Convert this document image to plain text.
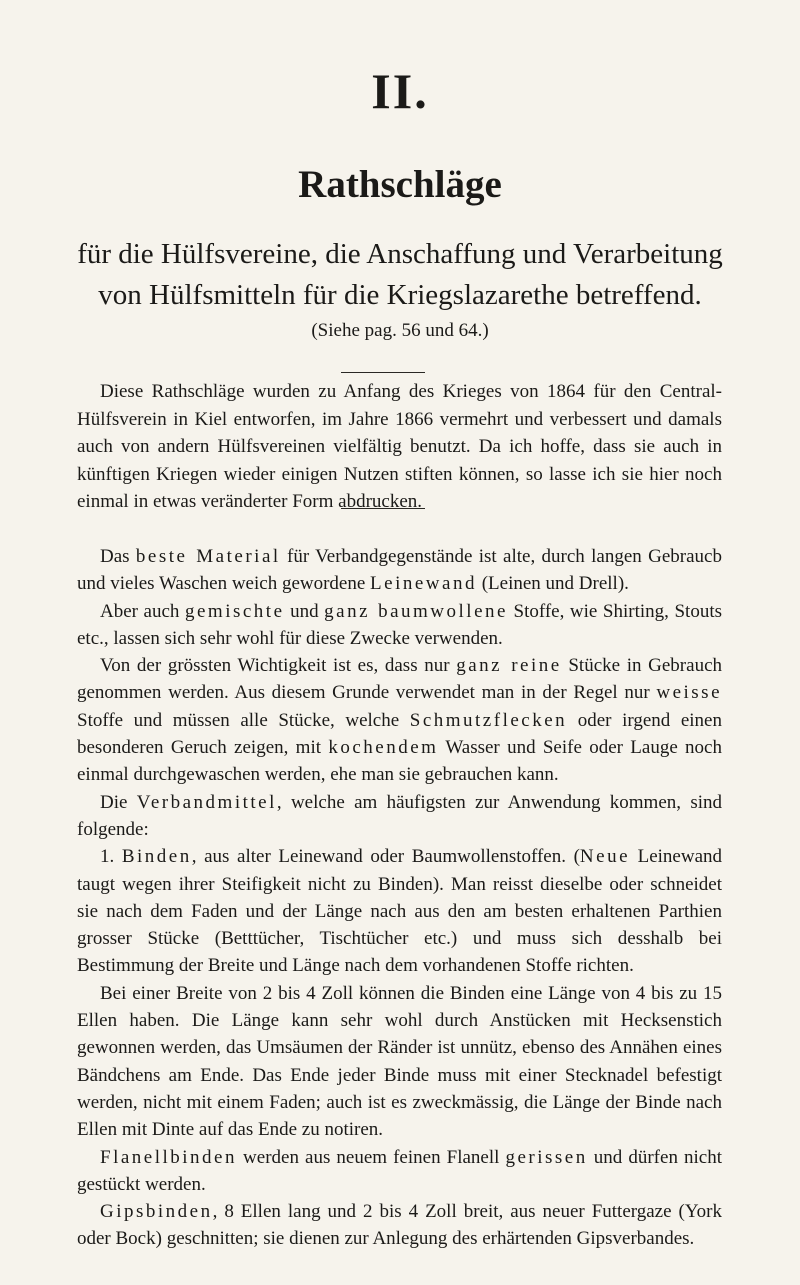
II.
Rathschläge
für die Hülfsvereine, die Anschaffung und Verarbeitung
von Hülfsmitteln für die Kriegslazarethe betreffend.
(Siehe pag. 56 und 64.)

Diese Rathschläge wurden zu Anfang des Krieges von 1864 für den Central-Hülfsverein in Kiel entworfen, im Jahre 1866 vermehrt und verbessert und damals auch von andern Hülfsvereinen vielfältig benutzt. Da ich hoffe, dass sie auch in künftigen Kriegen wieder einigen Nutzen stiften können, so lasse ich sie hier noch einmal in etwas veränderter Form abdrucken.

Das beste Material für Verbandgegenstände ist alte, durch langen Gebraucb und vieles Waschen weich gewordene Leinewand (Leinen und Drell).

Aber auch gemischte und ganz baumwollene Stoffe, wie Shirting, Stouts etc., lassen sich sehr wohl für diese Zwecke verwenden.

Von der grössten Wichtigkeit ist es, dass nur ganz reine Stücke in Gebrauch genommen werden. Aus diesem Grunde verwendet man in der Regel nur weisse Stoffe und müssen alle Stücke, welche Schmutzflecken oder irgend einen besonderen Geruch zeigen, mit kochendem Wasser und Seife oder Lauge noch einmal durchgewaschen werden, ehe man sie gebrauchen kann.

Die Verbandmittel, welche am häufigsten zur Anwendung kommen, sind folgende:

1. Binden, aus alter Leinewand oder Baumwollenstoffen. (Neue Leinewand taugt wegen ihrer Steifigkeit nicht zu Binden). Man reisst dieselbe oder schneidet sie nach dem Faden und der Länge nach aus den am besten erhaltenen Parthien grosser Stücke (Betttücher, Tischtücher etc.) und muss sich desshalb bei Bestimmung der Breite und Länge nach dem vorhandenen Stoffe richten.

Bei einer Breite von 2 bis 4 Zoll können die Binden eine Länge von 4 bis zu 15 Ellen haben. Die Länge kann sehr wohl durch Anstücken mit Hecksenstich gewonnen werden, das Umsäumen der Ränder ist unnütz, ebenso des Annähen eines Bändchens am Ende. Das Ende jeder Binde muss mit einer Stecknadel befestigt werden, nicht mit einem Faden; auch ist es zweckmässig, die Länge der Binde nach Ellen mit Dinte auf das Ende zu notiren.

Flanellbinden werden aus neuem feinen Flanell gerissen und dürfen nicht gestückt werden.

Gipsbinden, 8 Ellen lang und 2 bis 4 Zoll breit, aus neuer Futtergaze (York oder Bock) geschnitten; sie dienen zur Anlegung des erhärtenden Gipsverbandes.
